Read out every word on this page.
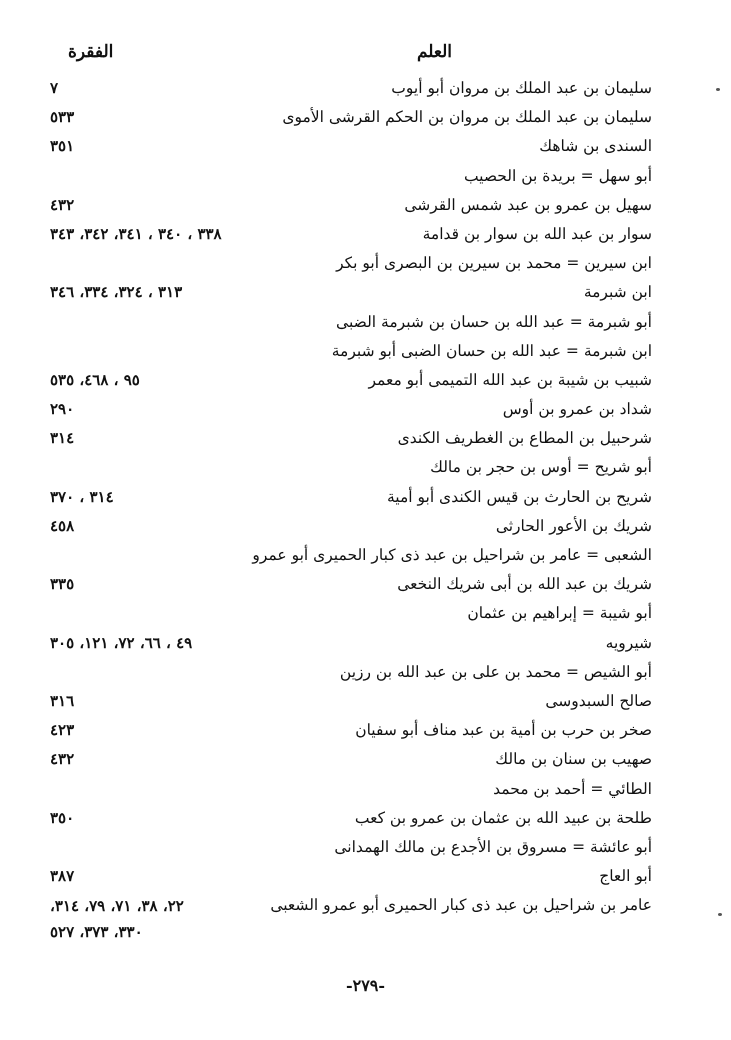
العلم
الفقرة
سليمان بن عبد الملك بن مروان أبو أيوب
٧
سليمان بن عبد الملك بن مروان بن الحكم القرشى الأموى
٥٣٣
السندى بن شاهك
٣٥١
أبو سهل = بريدة بن الحصيب
سهيل بن عمرو بن عبد شمس القرشى
٤٣٢
سوار بن عبد الله بن سوار بن قدامة
٣٣٨ ، ٣٤٠ ، ٣٤١، ٣٤٢، ٣٤٣
ابن سيرين = محمد بن سيرين بن البصرى أبو بكر
ابن شبرمة
٣١٣ ، ٣٢٤، ٣٣٤، ٣٤٦
أبو شبرمة = عبد الله بن حسان بن شبرمة الضبى
ابن شبرمة = عبد الله بن حسان الضبى أبو شبرمة
شبيب بن شيبة بن عبد الله التميمى أبو معمر
٩٥ ، ٤٦٨، ٥٣٥
شداد بن عمرو بن أوس
٢٩٠
شرحبيل بن المطاع بن الغطريف الكندى
٣١٤
أبو شريح = أوس بن حجر بن مالك
شريح بن الحارث بن قيس الكندى أبو أمية
٣١٤ ، ٣٧٠
شريك بن الأعور الحارثى
٤٥٨
الشعبى = عامر بن شراحيل بن عبد ذى كبار الحميرى أبو عمرو
شريك بن عبد الله بن أبى شريك النخعى
٣٣٥
أبو شيبة = إبراهيم بن عثمان
شيرويه
٤٩ ، ٦٦، ٧٢، ١٢١، ٣٠٥
أبو الشيص = محمد بن على بن عبد الله بن رزين
صالح السبدوسى
٣١٦
صخر بن حرب بن أمية بن عبد مناف أبو سفيان
٤٢٣
صهيب بن سنان بن مالك
٤٣٢
الطائي = أحمد بن محمد
طلحة بن عبيد الله بن عثمان بن عمرو بن كعب
٣٥٠
أبو عائشة = مسروق بن الأجدع بن مالك الهمدانى
أبو العاج
٣٨٧
عامر بن شراحيل بن عبد ذى كبار الحميرى أبو عمرو الشعبى
٢٢، ٣٨، ٧١، ٧٩، ٣١٤،
٣٣٠، ٣٧٣، ٥٢٧
-٢٧٩-
